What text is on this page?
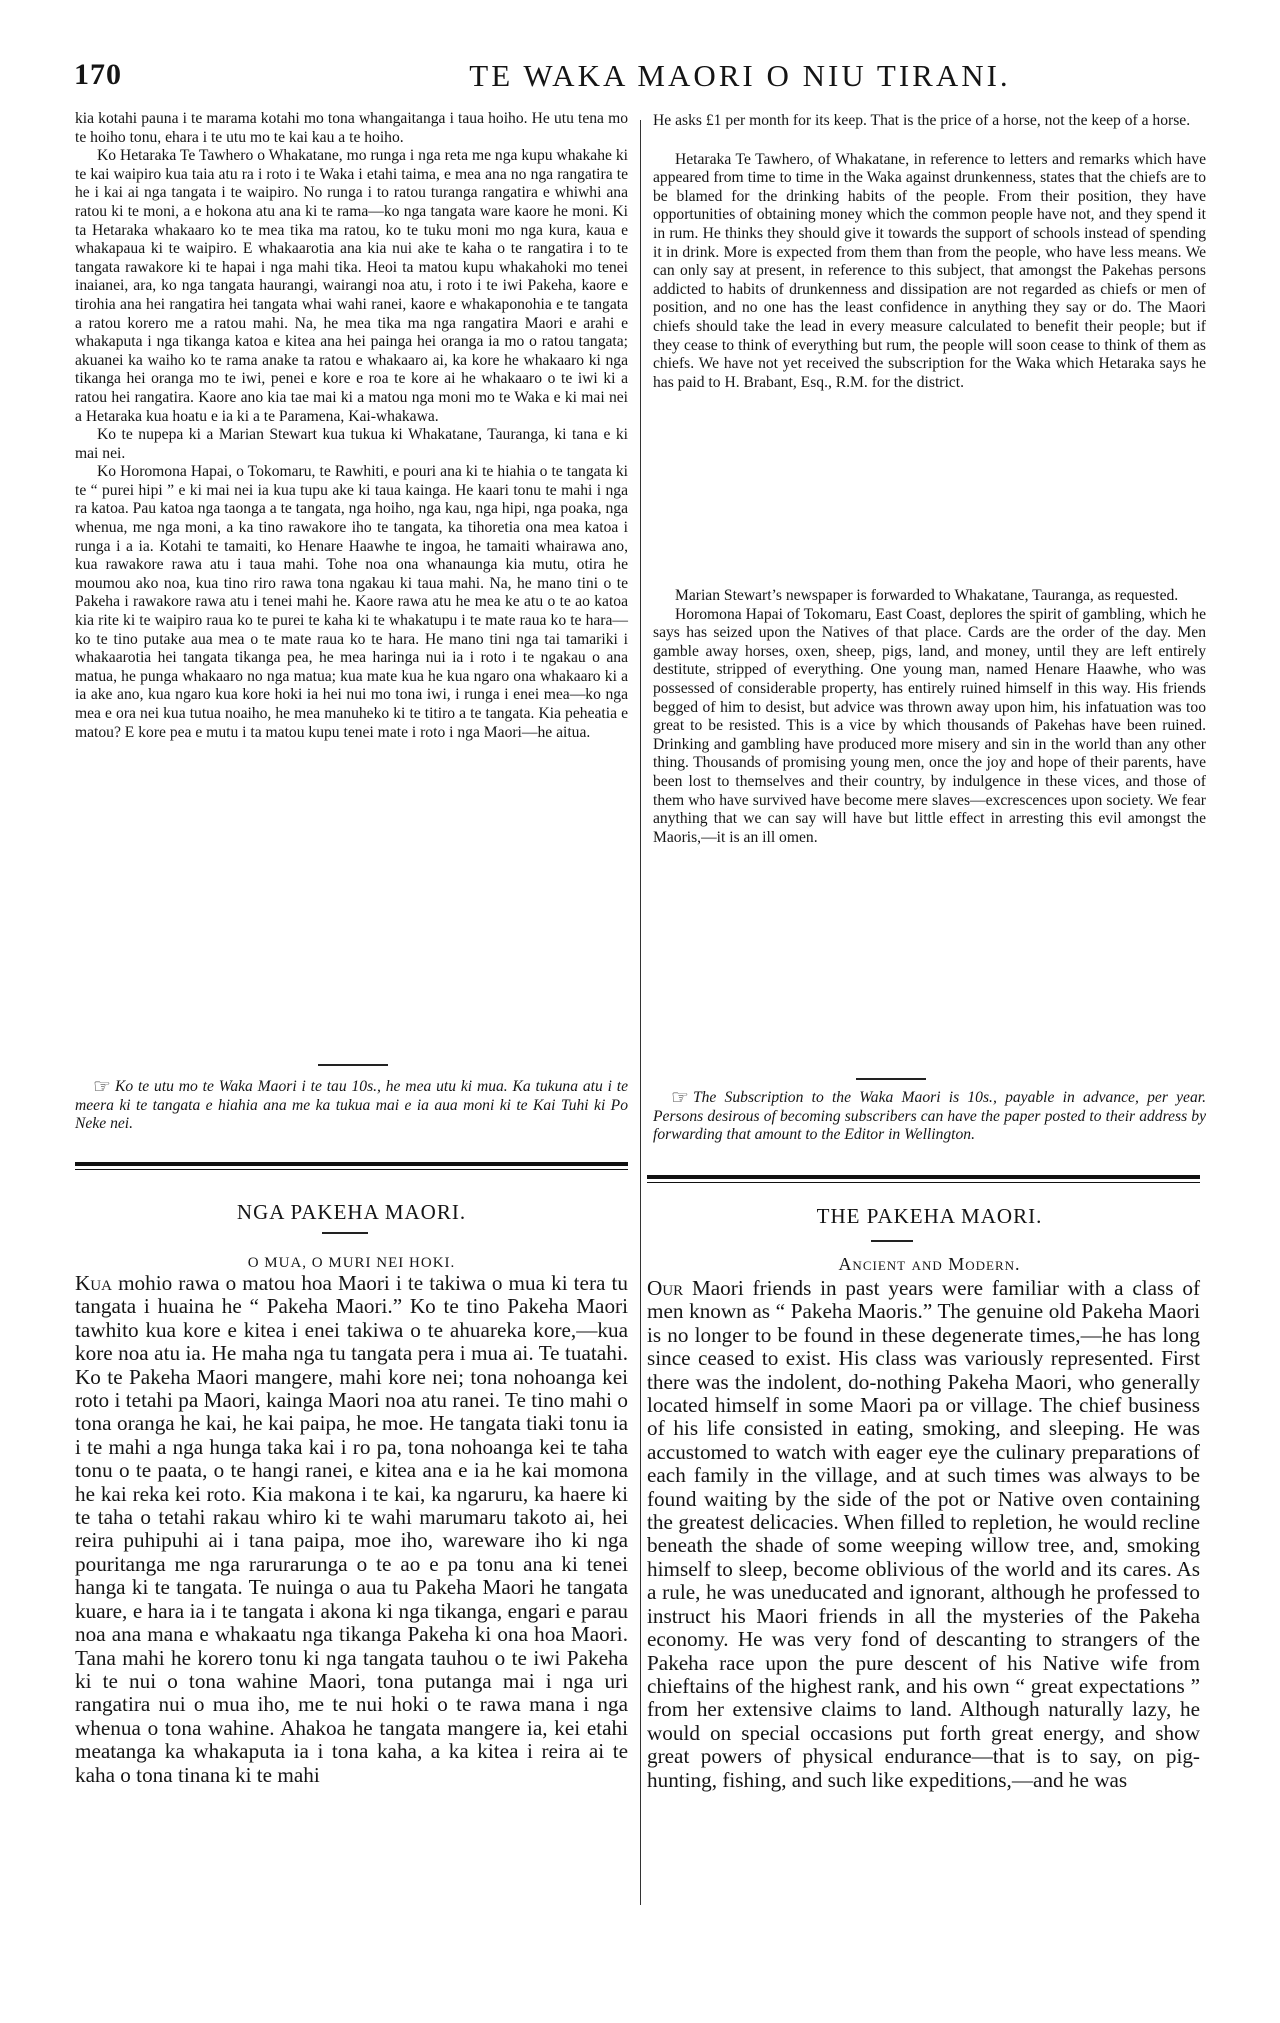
170	TE WAKA MAORI O NIU TIRANI.

kia kotahi pauna i te marama kotahi mo tona whangaitanga i taua hoiho. He utu tena mo te hoiho tonu, ehara i te utu mo te kai kau a te hoiho.

Ko Hetaraka Te Tawhero o Whakatane, mo runga i nga reta me nga kupu whakahe ki te kai waipiro kua taia atu ra i roto i te Waka i etahi taima, e mea ana no nga rangatira te he i kai ai nga tangata i te waipiro. No runga i to ratou turanga rangatira e whiwhi ana ratou ki te moni, a e hokona atu ana ki te rama—ko nga tangata ware kaore he moni. Ki ta Hetaraka whakaaro ko te mea tika ma ratou, ko te tuku moni mo nga kura, kaua e whakapaua ki te waipiro. E whakaarotia ana kia nui ake te kaha o te rangatira i to te tangata rawakore ki te hapai i nga mahi tika. Heoi ta matou kupu whakahoki mo tenei inaianei, ara, ko nga tangata haurangi, wairangi noa atu, i roto i te iwi Pakeha, kaore e tirohia ana hei rangatira hei tangata whai wahi ranei, kaore e whakaponohia e te tangata a ratou korero me a ratou mahi. Na, he mea tika ma nga rangatira Maori e arahi e whakaputa i nga tikanga katoa e kitea ana hei painga hei oranga ia mo o ratou tangata; akuanei ka waiho ko te rama anake ta ratou e whakaaro ai, ka kore he whakaaro ki nga tikanga hei oranga mo te iwi, penei e kore e roa te kore ai he whakaaro o te iwi ki a ratou hei rangatira. Kaore ano kia tae mai ki a matou nga moni mo te Waka e ki mai nei a Hetaraka kua hoatu e ia ki a te Paramena, Kai-whakawa.

Ko te nupepa ki a Marian Stewart kua tukua ki Whakatane, Tauranga, ki tana e ki mai nei.

Ko Horomona Hapai, o Tokomaru, te Rawhiti, e pouri ana ki te hiahia o te tangata ki te “ purei hipi ” e ki mai nei ia kua tupu ake ki taua kainga. He kaari tonu te mahi i nga ra katoa. Pau katoa nga taonga a te tangata, nga hoiho, nga kau, nga hipi, nga poaka, nga whenua, me nga moni, a ka tino rawakore iho te tangata, ka tihoretia ona mea katoa i runga i a ia. Kotahi te tamaiti, ko Henare Haawhe te ingoa, he tamaiti whairawa ano, kua rawakore rawa atu i taua mahi. Tohe noa ona whanaunga kia mutu, otira he moumou ako noa, kua tino riro rawa tona ngakau ki taua mahi. Na, he mano tini o te Pakeha i rawakore rawa atu i tenei mahi he. Kaore rawa atu he mea ke atu o te ao katoa kia rite ki te waipiro raua ko te purei te kaha ki te whakatupu i te mate raua ko te hara—ko te tino putake aua mea o te mate raua ko te hara. He mano tini nga tai tamariki i whakaarotia hei tangata tikanga pea, he mea haringa nui ia i roto i te ngakau o ana matua, he punga whakaaro no nga matua; kua mate kua he kua ngaro ona whakaaro ki a ia ake ano, kua ngaro kua kore hoki ia hei nui mo tona iwi, i runga i enei mea—ko nga mea e ora nei kua tutua noaiho, he mea manuheko ki te titiro a te tangata. Kia peheatia e matou? E kore pea e mutu i ta matou kupu tenei mate i roto i nga Maori—he aitua.

☞ Ko te utu mo te Waka Maori i te tau 10s., he mea utu ki mua. Ka tukuna atu i te meera ki te tangata e hiahia ana me ka tukua mai e ia aua moni ki te Kai Tuhi ki Po Neke nei.
NGA PAKEHA MAORI.
O MUA, O MURI NEI HOKI.

Kua mohio rawa o matou hoa Maori i te takiwa o mua ki tera tu tangata i huaina he “ Pakeha Maori.” Ko te tino Pakeha Maori tawhito kua kore e kitea i enei takiwa o te ahuareka kore,—kua kore noa atu ia. He maha nga tu tangata pera i mua ai. Te tuatahi. Ko te Pakeha Maori mangere, mahi kore nei; tona nohoanga kei roto i tetahi pa Maori, kainga Maori noa atu ranei. Te tino mahi o tona oranga he kai, he kai paipa, he moe. He tangata tiaki tonu ia i te mahi a nga hunga taka kai i ro pa, tona nohoanga kei te taha tonu o te paata, o te hangi ranei, e kitea ana e ia he kai momona he kai reka kei roto. Kia makona i te kai, ka ngaruru, ka haere ki te taha o tetahi rakau whiro ki te wahi marumaru takoto ai, hei reira puhipuhi ai i tana paipa, moe iho, wareware iho ki nga pouritanga me nga rarurarunga o te ao e pa tonu ana ki tenei hanga ki te tangata. Te nuinga o aua tu Pakeha Maori he tangata kuare, e hara ia i te tangata i akona ki nga tikanga, engari e parau noa ana mana e whakaatu nga tikanga Pakeha ki ona hoa Maori. Tana mahi he korero tonu ki nga tangata tauhou o te iwi Pakeha ki te nui o tona wahine Maori, tona putanga mai i nga uri rangatira nui o mua iho, me te nui hoki o te rawa mana i nga whenua o tona wahine. Ahakoa he tangata mangere ia, kei etahi meatanga ka whakaputa ia i tona kaha, a ka kitea i reira ai te kaha o tona tinana ki te mahi

He asks £1 per month for its keep. That is the price of a horse, not the keep of a horse.

Hetaraka Te Tawhero, of Whakatane, in reference to letters and remarks which have appeared from time to time in the Waka against drunkenness, states that the chiefs are to be blamed for the drinking habits of the people. From their position, they have opportunities of obtaining money which the common people have not, and they spend it in rum. He thinks they should give it towards the support of schools instead of spending it in drink. More is expected from them than from the people, who have less means. We can only say at present, in reference to this subject, that amongst the Pakehas persons addicted to habits of drunkenness and dissipation are not regarded as chiefs or men of position, and no one has the least confidence in anything they say or do. The Maori chiefs should take the lead in every measure calculated to benefit their people; but if they cease to think of everything but rum, the people will soon cease to think of them as chiefs. We have not yet received the subscription for the Waka which Hetaraka says he has paid to H. Brabant, Esq., R.M. for the district.

Marian Stewart’s newspaper is forwarded to Whakatane, Tauranga, as requested.

Horomona Hapai of Tokomaru, East Coast, deplores the spirit of gambling, which he says has seized upon the Natives of that place. Cards are the order of the day. Men gamble away horses, oxen, sheep, pigs, land, and money, until they are left entirely destitute, stripped of everything. One young man, named Henare Haawhe, who was possessed of considerable property, has entirely ruined himself in this way. His friends begged of him to desist, but advice was thrown away upon him, his infatuation was too great to be resisted. This is a vice by which thousands of Pakehas have been ruined. Drinking and gambling have produced more misery and sin in the world than any other thing. Thousands of promising young men, once the joy and hope of their parents, have been lost to themselves and their country, by indulgence in these vices, and those of them who have survived have become mere slaves—excrescences upon society. We fear anything that we can say will have but little effect in arresting this evil amongst the Maoris,—it is an ill omen.

☞ The Subscription to the Waka Maori is 10s., payable in advance, per year. Persons desirous of becoming subscribers can have the paper posted to their address by forwarding that amount to the Editor in Wellington.
THE PAKEHA MAORI.
Ancient and Modern.

Our Maori friends in past years were familiar with a class of men known as “ Pakeha Maoris.” The genuine old Pakeha Maori is no longer to be found in these degenerate times,—he has long since ceased to exist. His class was variously represented. First there was the indolent, do-nothing Pakeha Maori, who generally located himself in some Maori pa or village. The chief business of his life consisted in eating, smoking, and sleeping. He was accustomed to watch with eager eye the culinary preparations of each family in the village, and at such times was always to be found waiting by the side of the pot or Native oven containing the greatest delicacies. When filled to repletion, he would recline beneath the shade of some weeping willow tree, and, smoking himself to sleep, become oblivious of the world and its cares. As a rule, he was uneducated and ignorant, although he professed to instruct his Maori friends in all the mysteries of the Pakeha economy. He was very fond of descanting to strangers of the Pakeha race upon the pure descent of his Native wife from chieftains of the highest rank, and his own “ great expectations ” from her extensive claims to land. Although naturally lazy, he would on special occasions put forth great energy, and show great powers of physical endurance—that is to say, on pig-hunting, fishing, and such like expeditions,—and he was
